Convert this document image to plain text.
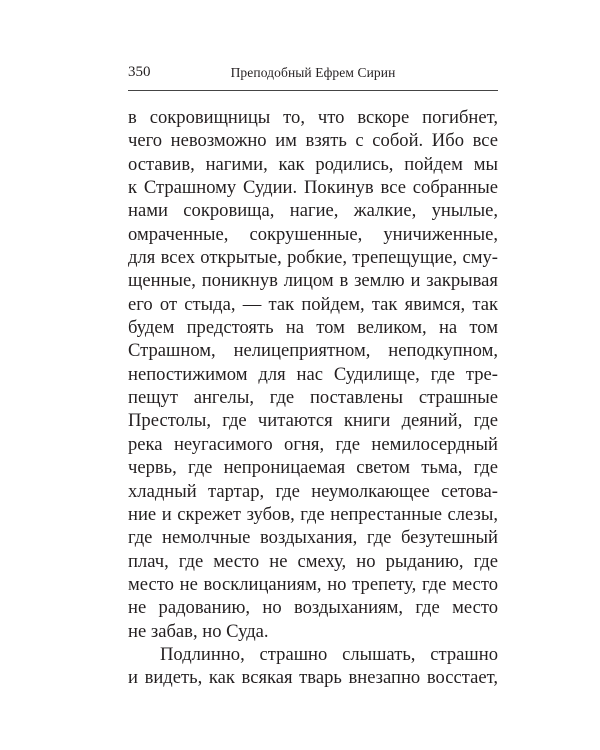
350	Преподобный Ефрем Сирин
в сокровищницы то, что вскоре погибнет,
чего невозможно им взять с собой. Ибо все
оставив, нагими, как родились, пойдем мы
к Страшному Судии. Покинув все собранные
нами сокровища, нагие, жалкие, унылые,
омраченные, сокрушенные, уничиженные,
для всех открытые, робкие, трепещущие, сму-
щенные, поникнув лицом в землю и закрывая
его от стыда, — так пойдем, так явимся, так
будем предстоять на том великом, на том
Страшном, нелицеприятном, неподкупном,
непостижимом для нас Судилище, где тре-
пещут ангелы, где поставлены страшные
Престолы, где читаются книги деяний, где
река неугасимого огня, где немилосердный
червь, где непроницаемая светом тьма, где
хладный тартар, где неумолкающее сетова-
ние и скрежет зубов, где непрестанные слезы,
где немолчные воздыхания, где безутешный
плач, где место не смеху, но рыданию, где
место не восклицаниям, но трепету, где место
не радованию, но воздыханиям, где место
не забав, но Суда.
Подлинно, страшно слышать, страшно
и видеть, как всякая тварь внезапно восстает,
